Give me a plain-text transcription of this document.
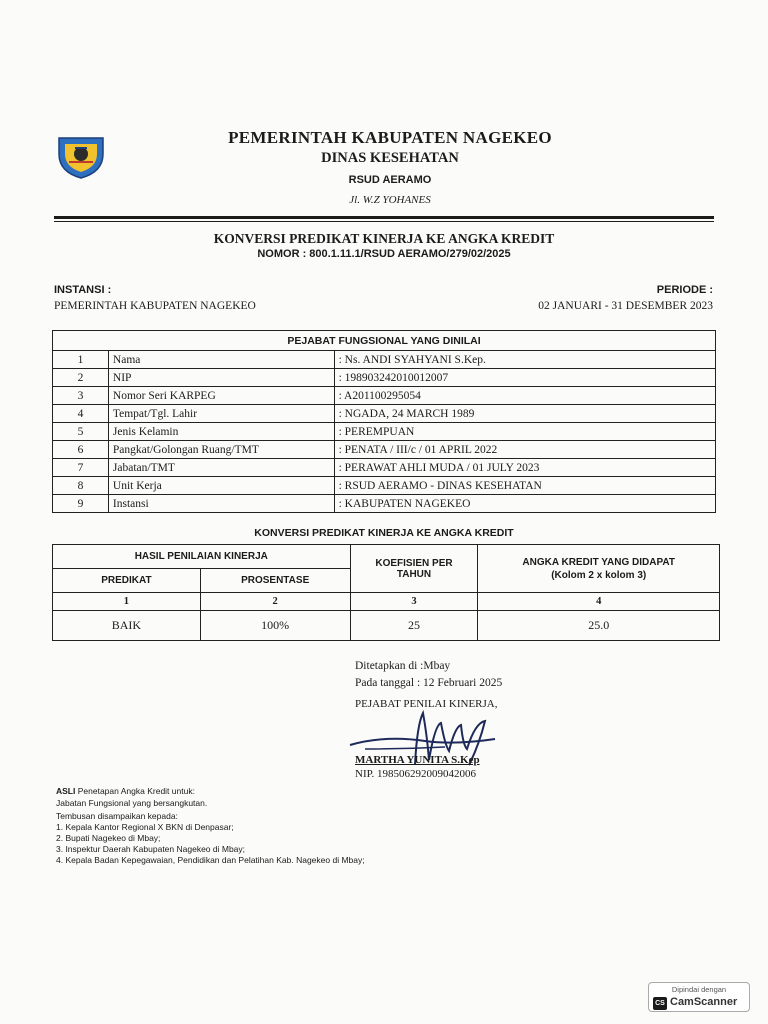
PEMERINTAH KABUPATEN NAGEKEO
DINAS KESEHATAN
RSUD AERAMO
Jl. W.Z YOHANES
KONVERSI PREDIKAT KINERJA KE ANGKA KREDIT
NOMOR : 800.1.11.1/RSUD AERAMO/279/02/2025
INSTANSI :
PEMERINTAH KABUPATEN NAGEKEO
PERIODE :
02 JANUARI - 31 DESEMBER 2023
PEJABAT FUNGSIONAL YANG DINILAI		
1	Nama	: Ns. ANDI SYAHYANI S.Kep.
2	NIP	: 198903242010012007
3	Nomor Seri KARPEG	: A201100295054
4	Tempat/Tgl. Lahir	: NGADA, 24 MARCH 1989
5	Jenis Kelamin	: PEREMPUAN
6	Pangkat/Golongan Ruang/TMT	: PENATA / III/c / 01 APRIL 2022
7	Jabatan/TMT	: PERAWAT AHLI MUDA / 01 JULY 2023
8	Unit Kerja	: RSUD AERAMO - DINAS KESEHATAN
9	Instansi	: KABUPATEN NAGEKEO
KONVERSI PREDIKAT KINERJA KE ANGKA KREDIT
HASIL PENILAIAN KINERJA		KOEFISIEN PER TAHUN	ANGKA KREDIT YANG DIDAPAT
(Kolom 2 x kolom 3)

PREDIKAT	PROSENTASE		
1	2	3	4
BAIK	100%	25	25.0
Ditetapkan di :Mbay
Pada tanggal : 12 Februari 2025
PEJABAT PENILAI KINERJA,
MARTHA YUNITA S.Kep
NIP. 198506292009042006
ASLI Penetapan Angka Kredit untuk:
Jabatan Fungsional yang bersangkutan.
Tembusan disampaikan kepada:
1. Kepala Kantor Regional X BKN di Denpasar;
2. Bupati Nagekeo di Mbay;
3. Inspektur Daerah Kabupaten Nagekeo di Mbay;
4. Kepala Badan Kepegawaian, Pendidikan dan Pelatihan Kab. Nagekeo di Mbay;
Dipindai dengan
CS CamScanner
